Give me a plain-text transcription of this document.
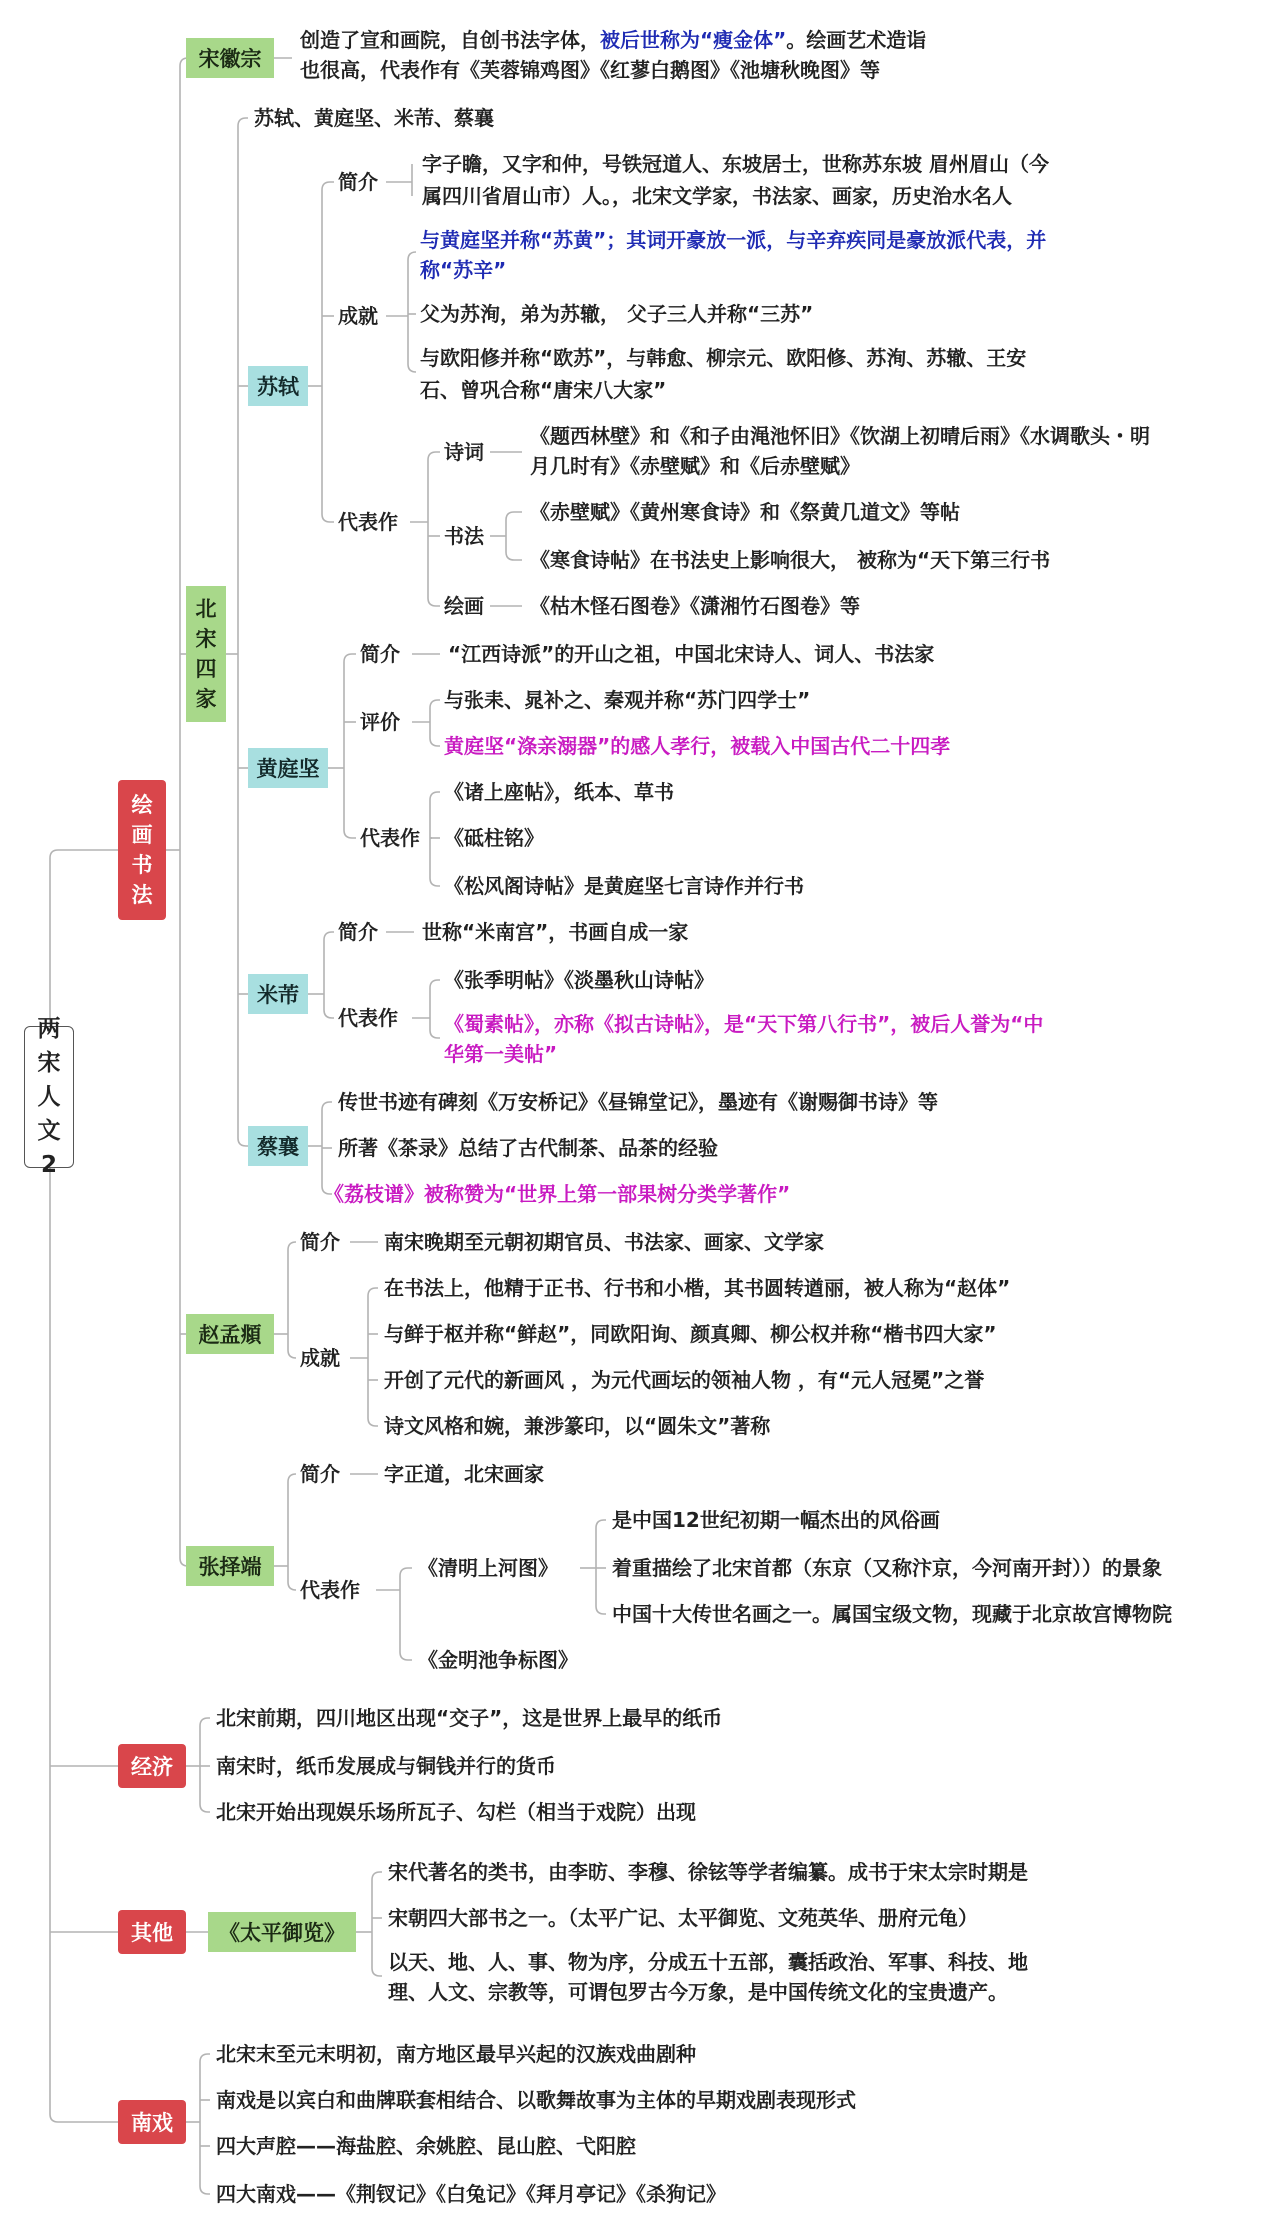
两宋人文2
绘画书法
经济
其他
南戏
宋徽宗
北宋四家
赵孟頫
张择端
《太平御览》
苏轼
黄庭坚
米芾
蔡襄
创造了宣和画院，自创书法字体，被后世称为“瘦金体”。绘画艺术造诣
也很高，代表作有《芙蓉锦鸡图》《红蓼白鹅图》《池塘秋晚图》等
苏轼、黄庭坚、米芾、蔡襄
简介
字子瞻，又字和仲，号铁冠道人、东坡居士，世称苏东坡 眉州眉山（今
属四川省眉山市）人。，北宋文学家，书法家、画家，历史治水名人
成就
与黄庭坚并称“苏黄”；其词开豪放一派，与辛弃疾同是豪放派代表，并
称“苏辛”
父为苏洵，弟为苏辙， 父子三人并称“三苏”
与欧阳修并称“欧苏”，与韩愈、柳宗元、欧阳修、苏洵、苏辙、王安
石、曾巩合称“唐宋八大家”
代表作
诗词
《题西林壁》和《和子由渑池怀旧》《饮湖上初晴后雨》《水调歌头・明
月几时有》《赤壁赋》和《后赤壁赋》
书法
《赤壁赋》《黄州寒食诗》和《祭黄几道文》等帖
《寒食诗帖》在书法史上影响很大， 被称为“天下第三行书
绘画 《枯木怪石图卷》《潇湘竹石图卷》等
简介 “江西诗派”的开山之祖，中国北宋诗人、词人、书法家
评价
与张耒、晁补之、秦观并称“苏门四学士”
黄庭坚“涤亲溺器”的感人孝行，被载入中国古代二十四孝
代表作
《诸上座帖》，纸本、草书
《砥柱铭》
《松风阁诗帖》是黄庭坚七言诗作并行书
简介 世称“米南宫”，书画自成一家
代表作
《张季明帖》《淡墨秋山诗帖》
《蜀素帖》，亦称《拟古诗帖》，是“天下第八行书”，被后人誉为“中
华第一美帖”
传世书迹有碑刻《万安桥记》《昼锦堂记》，墨迹有《谢赐御书诗》等
所著《茶录》总结了古代制茶、品茶的经验
《荔枝谱》被称赞为“世界上第一部果树分类学著作”
简介 南宋晚期至元朝初期官员、书法家、画家、文学家
成就
在书法上，他精于正书、行书和小楷，其书圆转遒丽，被人称为“赵体”
与鲜于枢并称“鲜赵”，同欧阳询、颜真卿、柳公权并称“楷书四大家”
开创了元代的新画风 ，为元代画坛的领袖人物 ，有“元人冠冕”之誉
诗文风格和婉，兼涉篆印，以“圆朱文”著称
简介 字正道，北宋画家
代表作
《清明上河图》
是中国12世纪初期一幅杰出的风俗画
着重描绘了北宋首都（东京（又称汴京，今河南开封））的景象
中国十大传世名画之一。属国宝级文物，现藏于北京故宫博物院
《金明池争标图》
北宋前期，四川地区出现“交子”，这是世界上最早的纸币
南宋时，纸币发展成与铜钱并行的货币
北宋开始出现娱乐场所瓦子、勾栏（相当于戏院）出现
宋代著名的类书，由李昉、李穆、徐铉等学者编纂。成书于宋太宗时期是
宋朝四大部书之一。（太平广记、太平御览、文苑英华、册府元龟）
以天、地、人、事、物为序，分成五十五部，囊括政治、军事、科技、地
理、人文、宗教等，可谓包罗古今万象，是中国传统文化的宝贵遗产。
北宋末至元末明初，南方地区最早兴起的汉族戏曲剧种
南戏是以宾白和曲牌联套相结合、以歌舞故事为主体的早期戏剧表现形式
四大声腔——海盐腔、余姚腔、昆山腔、弋阳腔
四大南戏——《荆钗记》《白兔记》《拜月亭记》《杀狗记》
